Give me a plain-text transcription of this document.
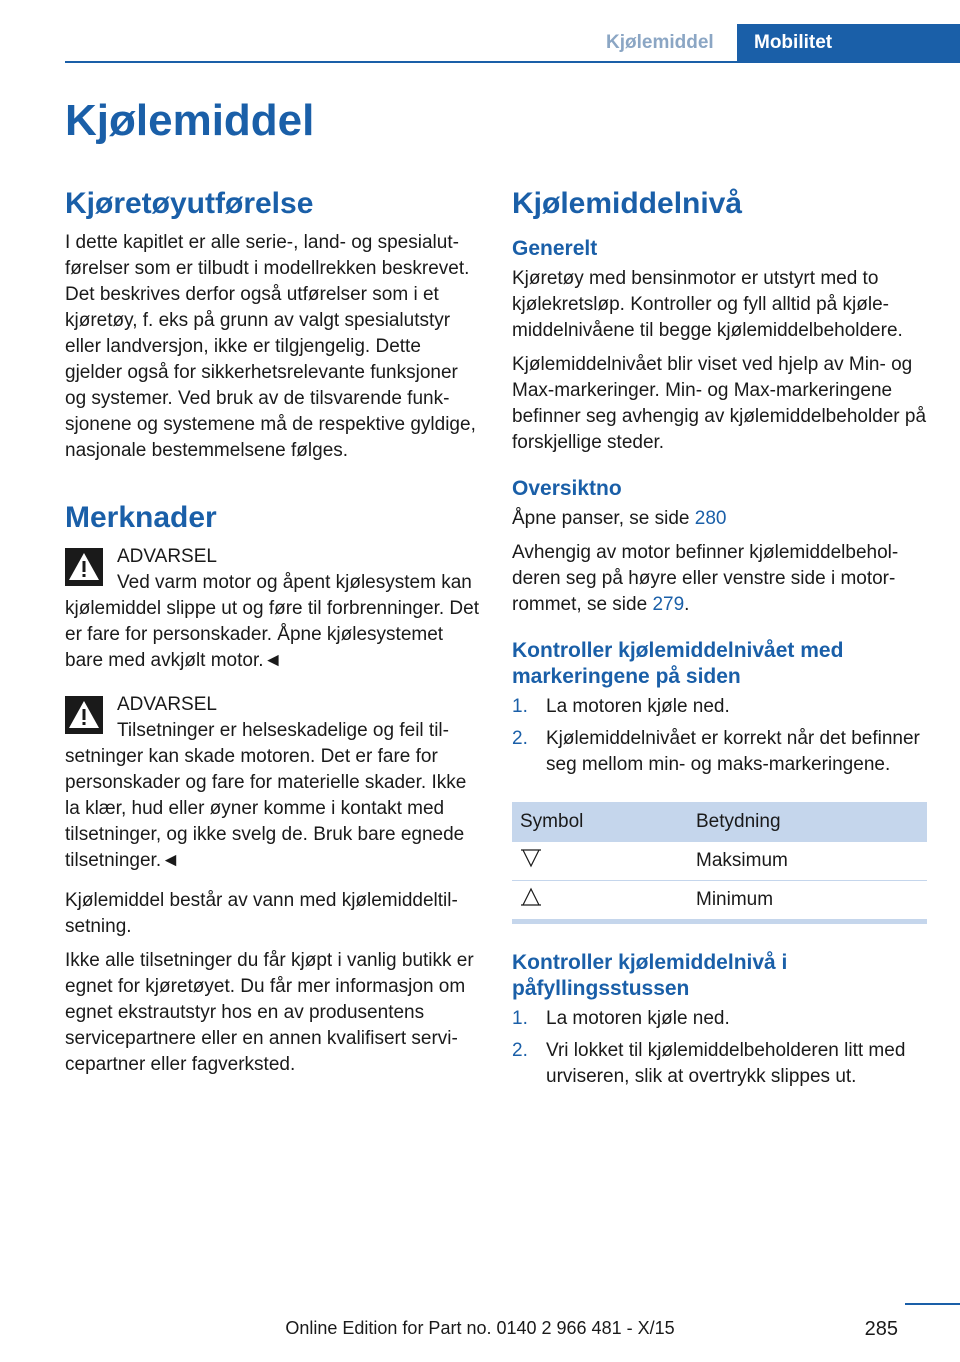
Kjølemiddel	Mobilitet
Kjølemiddel
Kjøretøyutførelse

I dette kapitlet er alle serie-, land- og spesialutførelser som er tilbudt i modellrekken beskrevet. Det beskrives derfor også utførelser som i et kjøretøy, f. eks på grunn av valgt spesialutstyr eller landversjon, ikke er tilgjengelig. Dette gjelder også for sikkerhetsrelevante funksjoner og systemer. Ved bruk av de tilsvarende funksjonene og systemene må de respektive gyldige, nasjonale bestemmelsene følges.

Merknader

ADVARSEL

Ved varm motor og åpent kjølesystem kan kjølemiddel slippe ut og føre til forbrenninger. Det er fare for personskader. Åpne kjølesystemet bare med avkjølt motor.◄

ADVARSEL

Tilsetninger er helseskadelige og feil tilsetninger kan skade motoren. Det er fare for personskader og fare for materielle skader. Ikke la klær, hud eller øyner komme i kontakt med tilsetninger, og ikke svelg de. Bruk bare egnede tilsetninger.◄

Kjølemiddel består av vann med kjølemiddeltilsetning.

Ikke alle tilsetninger du får kjøpt i vanlig butikk er egnet for kjøretøyet. Du får mer informasjon om egnet ekstrautstyr hos en av produsentens servicepartnere eller en annen kvalifisert servicepartner eller fagverksted.

Kjølemiddelnivå
Generelt

Kjøretøy med bensinmotor er utstyrt med to kjølekretsløp. Kontroller og fyll alltid på kjølemiddelnivåene til begge kjølemiddelbeholdere.

Kjølemiddelnivået blir viset ved hjelp av Min- og Max-markeringer. Min- og Max-markeringene befinner seg avhengig av kjølemiddelbeholder på forskjellige steder.

Oversiktno

Åpne panser, se side 280

Avhengig av motor befinner kjølemiddelbeholderen seg på høyre eller venstre side i motorrommet, se side 279.

Kontroller kjølemiddelnivået med markeringene på siden
1. La motoren kjøle ned.
2. Kjølemiddelnivået er korrekt når det befinner seg mellom min- og maks-markeringene.
Symbol	Betydning
	Maksimum
	Minimum
Kontroller kjølemiddelnivå i påfyllingsstussen
1. La motoren kjøle ned.
2. Vri lokket til kjølemiddelbeholderen litt med urviseren, slik at overtrykk slippes ut.
285
Online Edition for Part no. 0140 2 966 481 - X/15
